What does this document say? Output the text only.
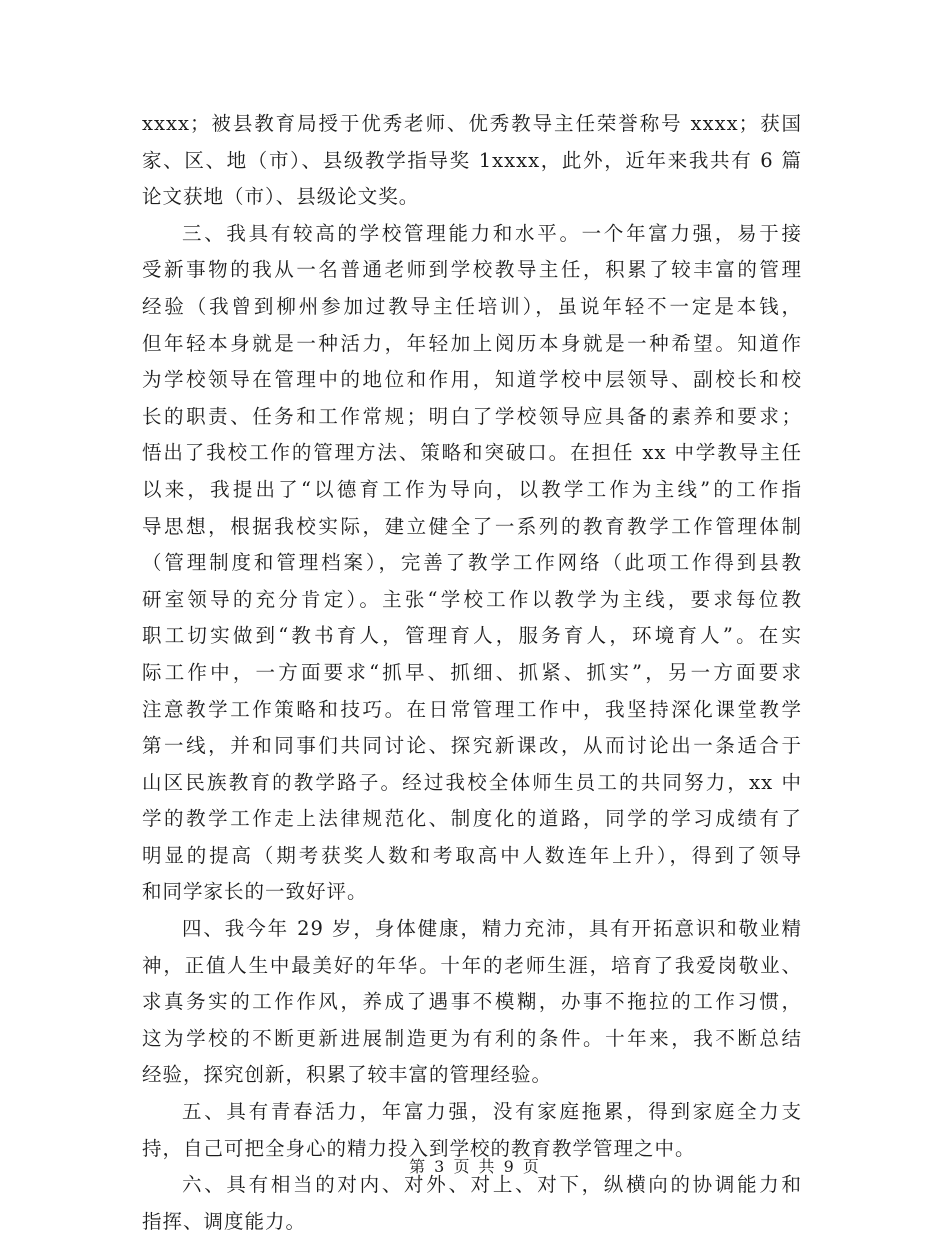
xxxx；被县教育局授于优秀老师、优秀教导主任荣誉称号 xxxx；获国
家、区、地（市）、县级教学指导奖 1xxxx，此外，近年来我共有 6 篇
论文获地（市）、县级论文奖。
三、我具有较高的学校管理能力和水平。一个年富力强，易于接
受新事物的我从一名普通老师到学校教导主任，积累了较丰富的管理
经验（我曾到柳州参加过教导主任培训），虽说年轻不一定是本钱，
但年轻本身就是一种活力，年轻加上阅历本身就是一种希望。知道作
为学校领导在管理中的地位和作用，知道学校中层领导、副校长和校
长的职责、任务和工作常规；明白了学校领导应具备的素养和要求；
悟出了我校工作的管理方法、策略和突破口。在担任 xx 中学教导主任
以来，我提出了“以德育工作为导向，以教学工作为主线”的工作指
导思想，根据我校实际，建立健全了一系列的教育教学工作管理体制
（管理制度和管理档案），完善了教学工作网络（此项工作得到县教
研室领导的充分肯定）。主张“学校工作以教学为主线，要求每位教
职工切实做到“教书育人，管理育人，服务育人，环境育人”。在实
际工作中，一方面要求“抓早、抓细、抓紧、抓实”，另一方面要求
注意教学工作策略和技巧。在日常管理工作中，我坚持深化课堂教学
第一线，并和同事们共同讨论、探究新课改，从而讨论出一条适合于
山区民族教育的教学路子。经过我校全体师生员工的共同努力，xx 中
学的教学工作走上法律规范化、制度化的道路，同学的学习成绩有了
明显的提高（期考获奖人数和考取高中人数连年上升），得到了领导
和同学家长的一致好评。
四、我今年 29 岁，身体健康，精力充沛，具有开拓意识和敬业精
神，正值人生中最美好的年华。十年的老师生涯，培育了我爱岗敬业、
求真务实的工作作风，养成了遇事不模糊，办事不拖拉的工作习惯，
这为学校的不断更新进展制造更为有利的条件。十年来，我不断总结
经验，探究创新，积累了较丰富的管理经验。
五、具有青春活力，年富力强，没有家庭拖累，得到家庭全力支
持，自己可把全身心的精力投入到学校的教育教学管理之中。
六、具有相当的对内、对外、对上、对下，纵横向的协调能力和
指挥、调度能力。
第 3 页 共 9 页
